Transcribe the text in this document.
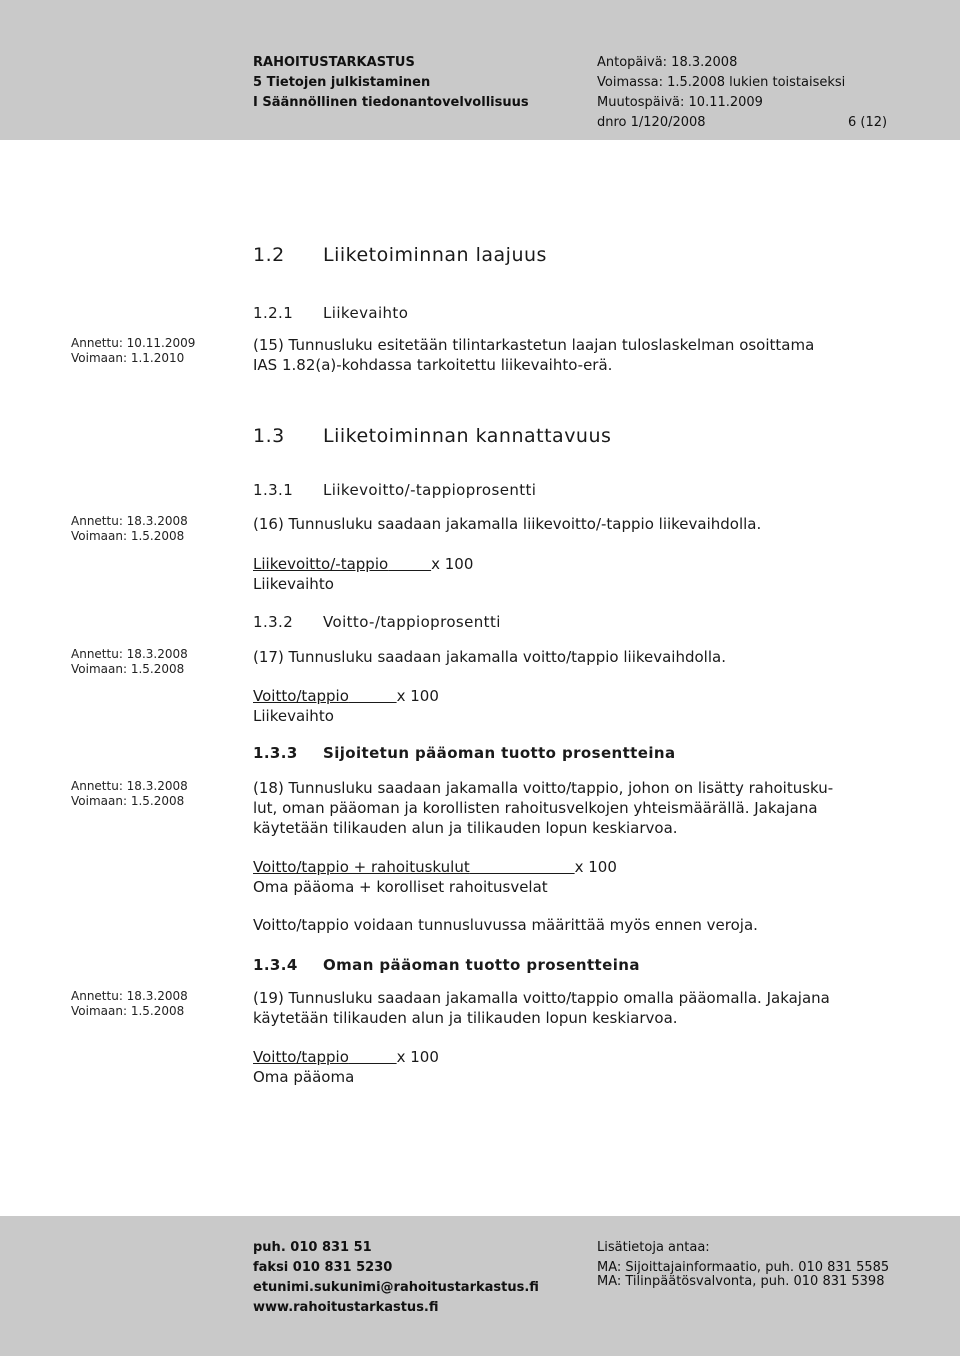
RAHOITUSTARKASTUS
5 Tietojen julkistaminen
I Säännöllinen tiedonantovelvollisuus
Antopäivä: 18.3.2008
Voimassa: 1.5.2008 lukien toistaiseksi
Muutospäivä: 10.11.2009
dnro 1/120/2008	6 (12)
1.2 Liiketoiminnan laajuus
1.2.1 Liikevaihto
Annettu: 10.11.2009
Voimaan: 1.1.2010
(15) Tunnusluku esitetään tilintarkastetun laajan tuloslaskelman osoittama
IAS 1.82(a)-kohdassa tarkoitettu liikevaihto-erä.
1.3 Liiketoiminnan kannattavuus
1.3.1 Liikevoitto/-tappioprosentti
Annettu: 18.3.2008
Voimaan: 1.5.2008
(16) Tunnusluku saadaan jakamalla liikevoitto/-tappio liikevaihdolla.
Liikevoitto/-tappio	x 100
Liikevaihto
1.3.2 Voitto-/tappioprosentti
Annettu: 18.3.2008
Voimaan: 1.5.2008
(17) Tunnusluku saadaan jakamalla voitto/tappio liikevaihdolla.
Voitto/tappio	x 100
Liikevaihto
1.3.3 Sijoitetun pääoman tuotto prosentteina
Annettu: 18.3.2008
Voimaan: 1.5.2008
(18) Tunnusluku saadaan jakamalla voitto/tappio, johon on lisätty rahoitusku-
lut, oman pääoman ja korollisten rahoitusvelkojen yhteismäärällä. Jakajana
käytetään tilikauden alun ja tilikauden lopun keskiarvoa.
Voitto/tappio + rahoituskulut	x 100
Oma pääoma + korolliset rahoitusvelat
Voitto/tappio voidaan tunnusluvussa määrittää myös ennen veroja.
1.3.4 Oman pääoman tuotto prosentteina
Annettu: 18.3.2008
Voimaan: 1.5.2008
(19) Tunnusluku saadaan jakamalla voitto/tappio omalla pääomalla. Jakajana
käytetään tilikauden alun ja tilikauden lopun keskiarvoa.
Voitto/tappio	x 100
Oma pääoma
puh. 010 831 51
faksi 010 831 5230
etunimi.sukunimi@rahoitustarkastus.fi
www.rahoitustarkastus.fi
Lisätietoja antaa:
MA: Sijoittajainformaatio, puh. 010 831 5585
MA: Tilinpäätösvalvonta, puh. 010 831 5398
